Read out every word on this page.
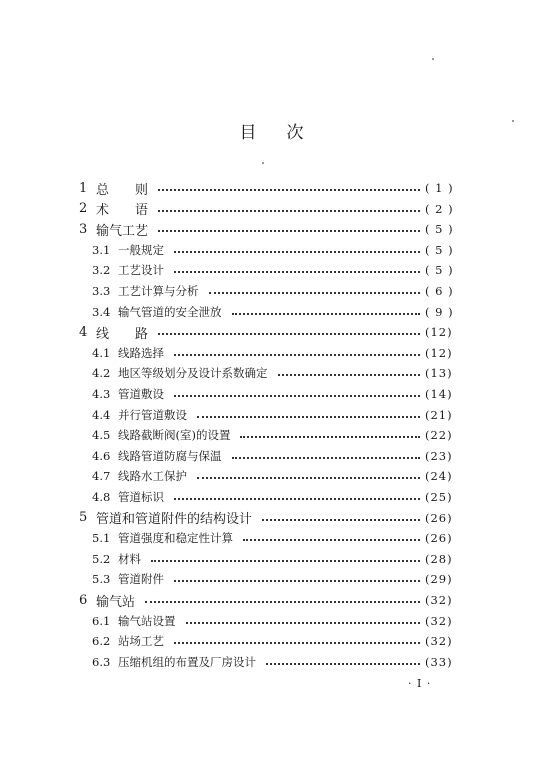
目 次
1 总　　则	( 1 )
2 术　　语	( 2 )
3 输气工艺	( 5 )
3.1 一般规定	( 5 )
3.2 工艺设计	( 5 )
3.3 工艺计算与分析	( 6 )
3.4 输气管道的安全泄放	( 9 )
4 线　　路	(12)
4.1 线路选择	(12)
4.2 地区等级划分及设计系数确定	(13)
4.3 管道敷设	(14)
4.4 并行管道敷设	(21)
4.5 线路截断阀(室)的设置	(22)
4.6 线路管道防腐与保温	(23)
4.7 线路水工保护	(24)
4.8 管道标识	(25)
5 管道和管道附件的结构设计	(26)
5.1 管道强度和稳定性计算	(26)
5.2 材料	(28)
5.3 管道附件	(29)
6 输气站	(32)
6.1 输气站设置	(32)
6.2 站场工艺	(32)
6.3 压缩机组的布置及厂房设计	(33)
· I ·
